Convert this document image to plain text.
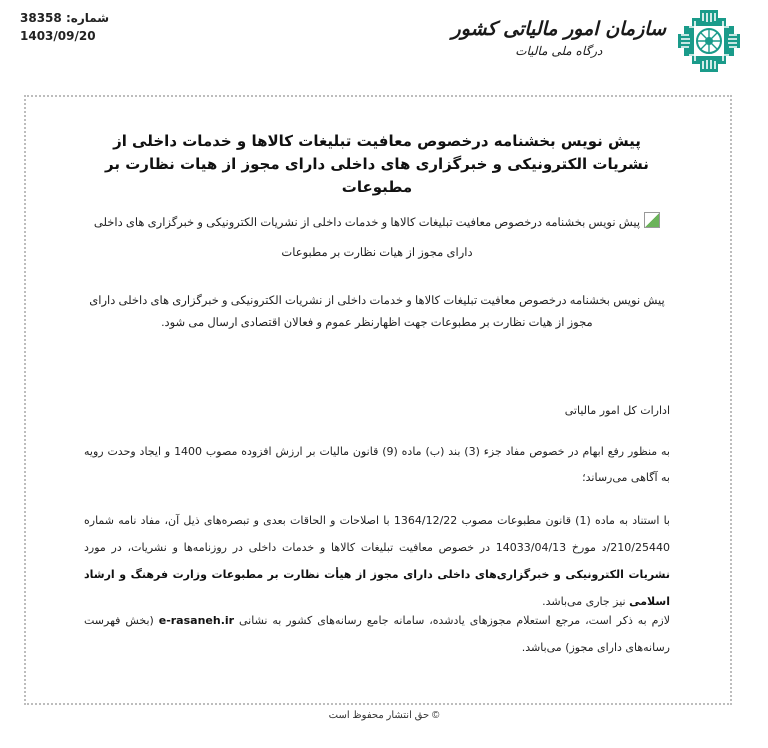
شماره: 38358
1403/09/20	سازمان امور مالیاتی کشور
درگاه ملی مالیات
پیش نویس بخشنامه درخصوص معافیت تبلیغات کالاها و خدمات داخلی از نشریات الکترونیکی و خبرگزاری های داخلی دارای مجوز از هیات نظارت بر مطبوعات
پیش نویس بخشنامه درخصوص معافیت تبلیغات کالاها و خدمات داخلی از نشریات الکترونیکی و خبرگزاری های داخلی دارای مجوز از هیات نظارت بر مطبوعات
پیش نویس بخشنامه درخصوص معافیت تبلیغات کالاها و خدمات داخلی از نشریات الکترونیکی و خبرگزاری های داخلی دارای مجوز از هیات نظارت بر مطبوعات جهت اظهارنظر عموم و فعالان اقتصادی ارسال می شود.
ادارات کل امور مالیاتی
به منظور رفع ابهام در خصوص مفاد جزء (3) بند (ب) ماده (9) قانون مالیات بر ارزش افزوده مصوب 1400 و ایجاد وحدت رویه به آگاهی می‌رساند؛
با استناد به ماده (1) قانون مطبوعات مصوب 1364/12/22 با اصلاحات و الحاقات بعدی و تبصره‌های ذیل آن، مفاد نامه شماره 210/25440/د مورخ 14033/04/13 در خصوص معافیت تبلیغات کالاها و خدمات داخلی در روزنامه‌ها و نشریات، در مورد نشریات الکترونیکی و خبرگزاری‌های داخلی دارای مجوز از هیأت نظارت بر مطبوعات وزارت فرهنگ و ارشاد اسلامی نیز جاری می‌باشد.
لازم به ذکر است، مرجع استعلام مجوزهای یادشده، سامانه جامع رسانه‌های کشور به نشانی e-rasaneh.ir (بخش فهرست رسانه‌های دارای مجوز) می‌باشد.
© حق انتشار محفوظ است
